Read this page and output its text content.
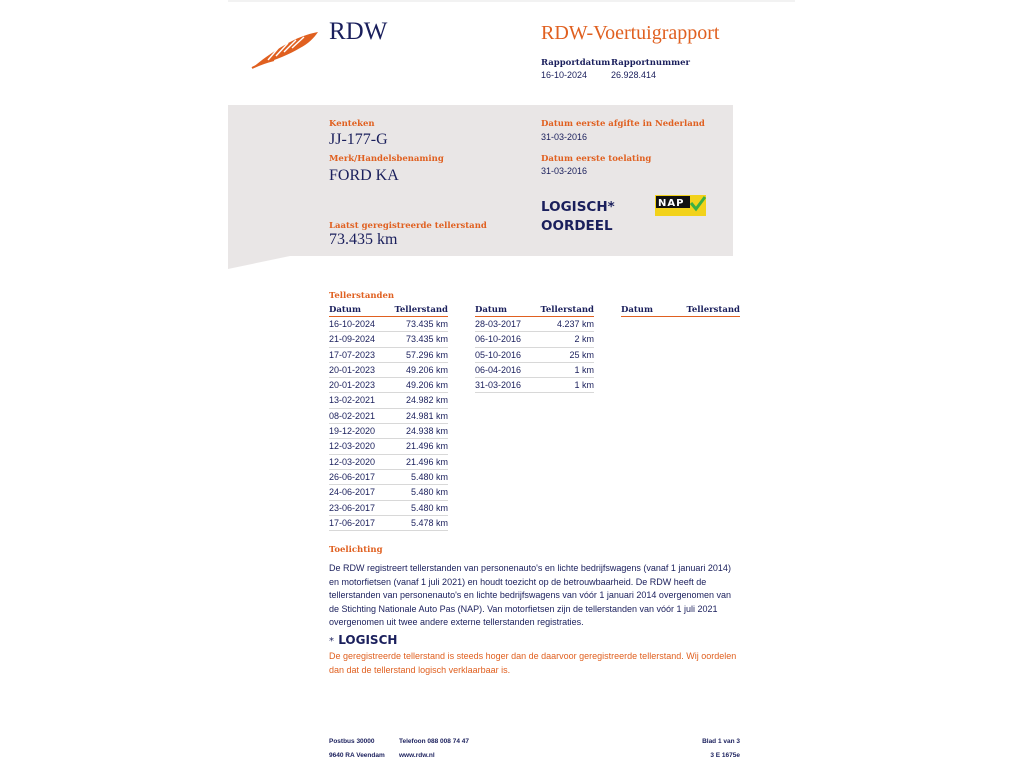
RDW	RDW-Voertuigrapport
Rapportdatum
16-10-2024
Rapportnummer
26.928.414
Kenteken
JJ-177-G
Merk/Handelsbenaming
FORD KA
Laatst geregistreerde tellerstand
73.435 km
Datum eerste afgifte in Nederland
31-03-2016
Datum eerste toelating
31-03-2016
LOGISCH*
OORDEEL
NAP
Tellerstanden
Datum	Tellerstand
16-10-2024	73.435 km
21-09-2024	73.435 km
17-07-2023	57.296 km
20-01-2023	49.206 km
20-01-2023	49.206 km
13-02-2021	24.982 km
08-02-2021	24.981 km
19-12-2020	24.938 km
12-03-2020	21.496 km
12-03-2020	21.496 km
26-06-2017	5.480 km
24-06-2017	5.480 km
23-06-2017	5.480 km
17-06-2017	5.478 km
Datum	Tellerstand
28-03-2017	4.237 km
06-10-2016	2 km
05-10-2016	25 km
06-04-2016	1 km
31-03-2016	1 km
Datum	Tellerstand
Toelichting
De RDW registreert tellerstanden van personenauto's en lichte bedrijfswagens (vanaf 1 januari 2014) en motorfietsen (vanaf 1 juli 2021) en houdt toezicht op de betrouwbaarheid. De RDW heeft de tellerstanden van personenauto's en lichte bedrijfswagens van vóór 1 januari 2014 overgenomen van de Stichting Nationale Auto Pas (NAP). Van motorfietsen zijn de tellerstanden van vóór 1 juli 2021 overgenomen uit twee andere externe tellerstanden registraties.
* LOGISCH
De geregistreerde tellerstand is steeds hoger dan de daarvoor geregistreerde tellerstand. Wij oordelen dan dat de tellerstand logisch verklaarbaar is.
Postbus 30000
9640 RA Veendam
Telefoon 088 008 74 47
www.rdw.nl
Blad 1 van 3
3 E 1675e
